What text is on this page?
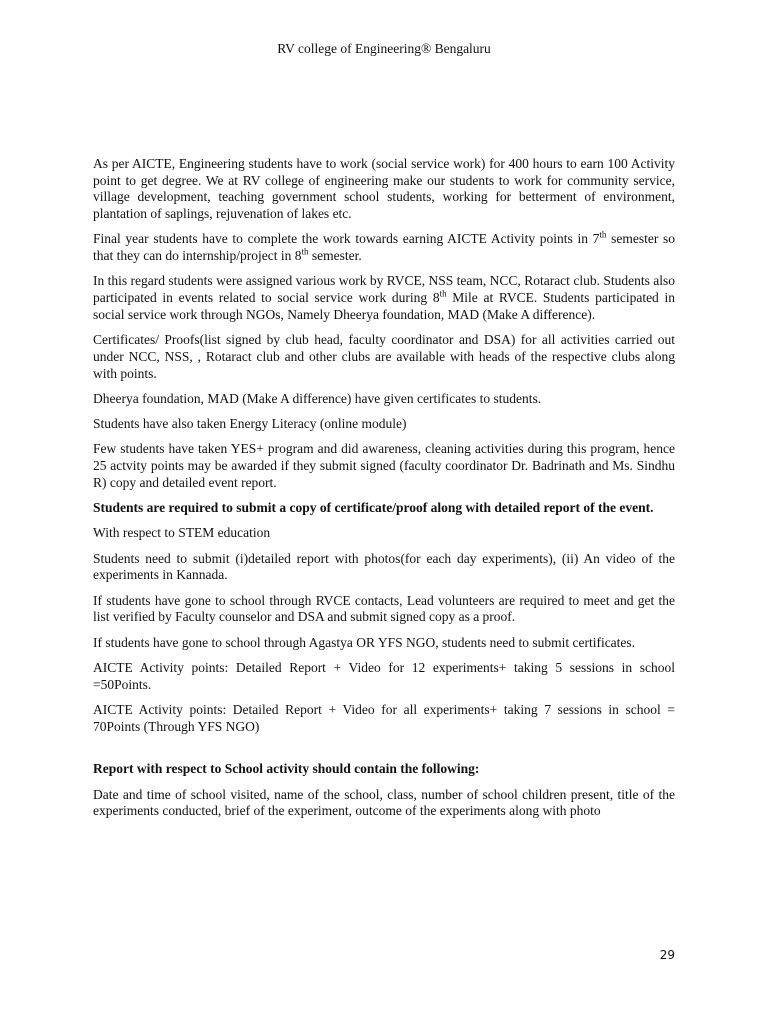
RV college of Engineering® Bengaluru

As per AICTE, Engineering students have to work (social service work) for 400 hours to earn 100 Activity point to get degree. We at RV college of engineering make our students to work for community service, village development, teaching government school students, working for betterment of environment, plantation of saplings, rejuvenation of lakes etc.

Final year students have to complete the work towards earning AICTE Activity points in 7th semester so that they can do internship/project in 8th semester.

In this regard students were assigned various work by RVCE, NSS team, NCC, Rotaract club. Students also participated in events related to social service work during 8th Mile at RVCE. Students participated in social service work through NGOs, Namely Dheerya foundation, MAD (Make A difference).

Certificates/ Proofs(list signed by club head, faculty coordinator and DSA) for all activities carried out under NCC, NSS, , Rotaract club and other clubs are available with heads of the respective clubs along with points.

Dheerya foundation, MAD (Make A difference) have given certificates to students.

Students have also taken Energy Literacy (online module)

Few students have taken YES+ program and did awareness, cleaning activities during this program, hence 25 actvity points may be awarded if they submit signed (faculty coordinator Dr. Badrinath and Ms. Sindhu R) copy and detailed event report.

Students are required to submit a copy of certificate/proof along with detailed report of the event.

With respect to STEM education

Students need to submit (i)detailed report with photos(for each day experiments), (ii) An video of the experiments in Kannada.

If students have gone to school through RVCE contacts, Lead volunteers are required to meet and get the list verified by Faculty counselor and DSA and submit signed copy as a proof.

If students have gone to school through Agastya OR YFS NGO, students need to submit certificates.

AICTE Activity points: Detailed Report + Video for 12 experiments+ taking 5 sessions in school =50Points.

AICTE Activity points: Detailed Report + Video for all experiments+ taking 7 sessions in school = 70Points (Through YFS NGO)

Report with respect to School activity should contain the following:

Date and time of school visited, name of the school, class, number of school children present, title of the experiments conducted, brief of the experiment, outcome of the experiments along with photo

29
